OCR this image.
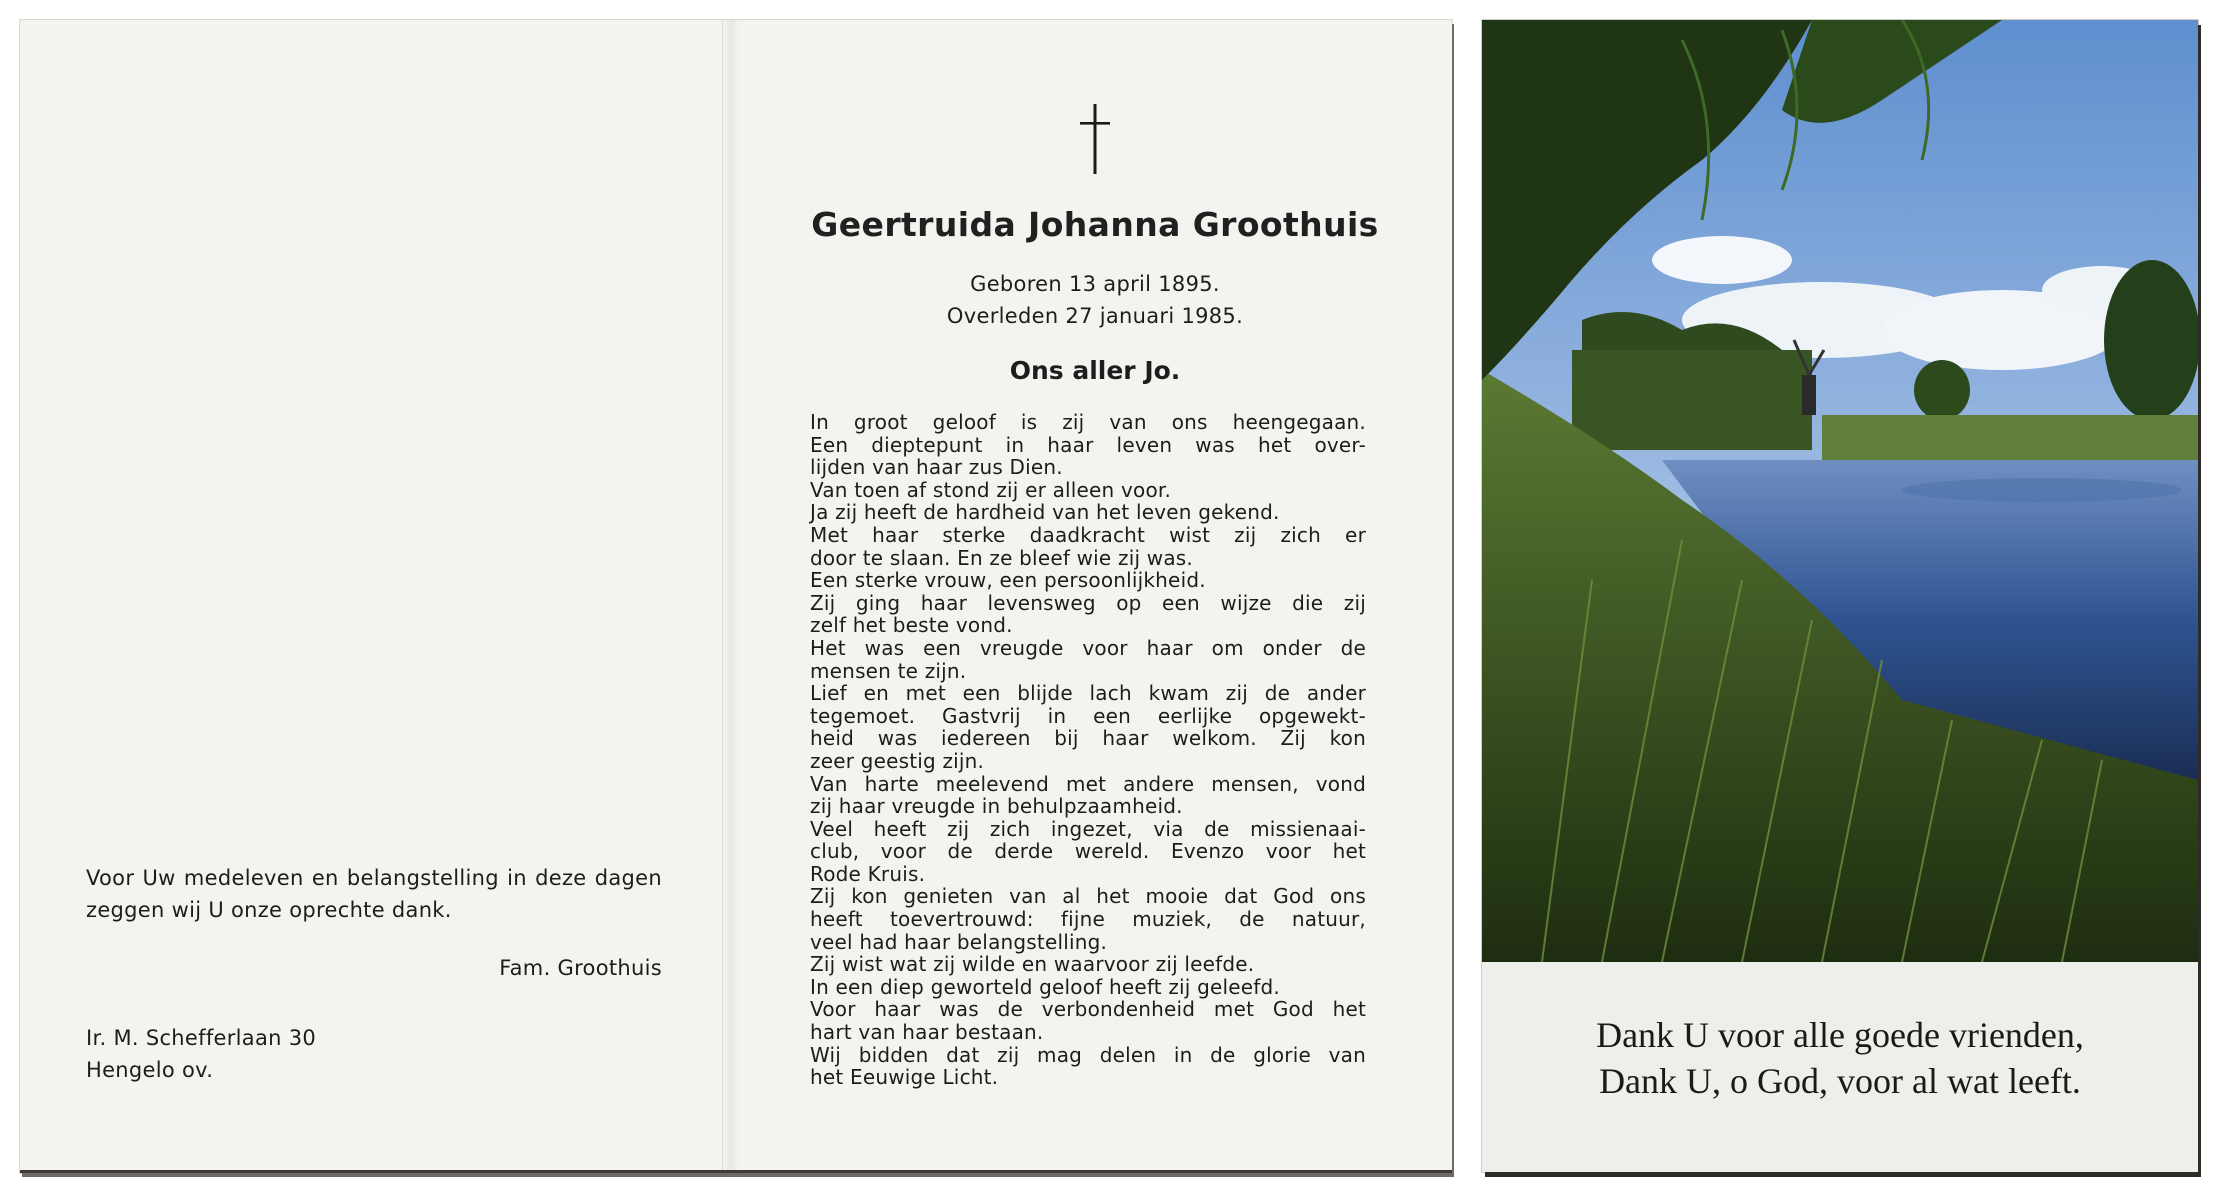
Voor Uw medeleven en belangstelling in deze dagen zeggen wij U onze oprechte dank.
Fam. Groothuis
Ir. M. Schefferlaan 30
Hengelo ov.
Geertruida Johanna Groothuis
Geboren 13 april 1895.
Overleden 27 januari 1985.
Ons aller Jo.
In groot geloof is zij van ons heengegaan.
Een dieptepunt in haar leven was het over-
lijden van haar zus Dien.
Van toen af stond zij er alleen voor.
Ja zij heeft de hardheid van het leven gekend.
Met haar sterke daadkracht wist zij zich er
door te slaan. En ze bleef wie zij was.
Een sterke vrouw, een persoonlijkheid.
Zij ging haar levensweg op een wijze die zij
zelf het beste vond.
Het was een vreugde voor haar om onder de
mensen te zijn.
Lief en met een blijde lach kwam zij de ander
tegemoet. Gastvrij in een eerlijke opgewekt-
heid was iedereen bij haar welkom. Zij kon
zeer geestig zijn.
Van harte meelevend met andere mensen, vond
zij haar vreugde in behulpzaamheid.
Veel heeft zij zich ingezet, via de missienaai-
club, voor de derde wereld. Evenzo voor het
Rode Kruis.
Zij kon genieten van al het mooie dat God ons
heeft toevertrouwd: fijne muziek, de natuur,
veel had haar belangstelling.
Zij wist wat zij wilde en waarvoor zij leefde.
In een diep geworteld geloof heeft zij geleefd.
Voor haar was de verbondenheid met God het
hart van haar bestaan.
Wij bidden dat zij mag delen in de glorie van
het Eeuwige Licht.
Dank U voor alle goede vrienden,
Dank U, o God, voor al wat leeft.
